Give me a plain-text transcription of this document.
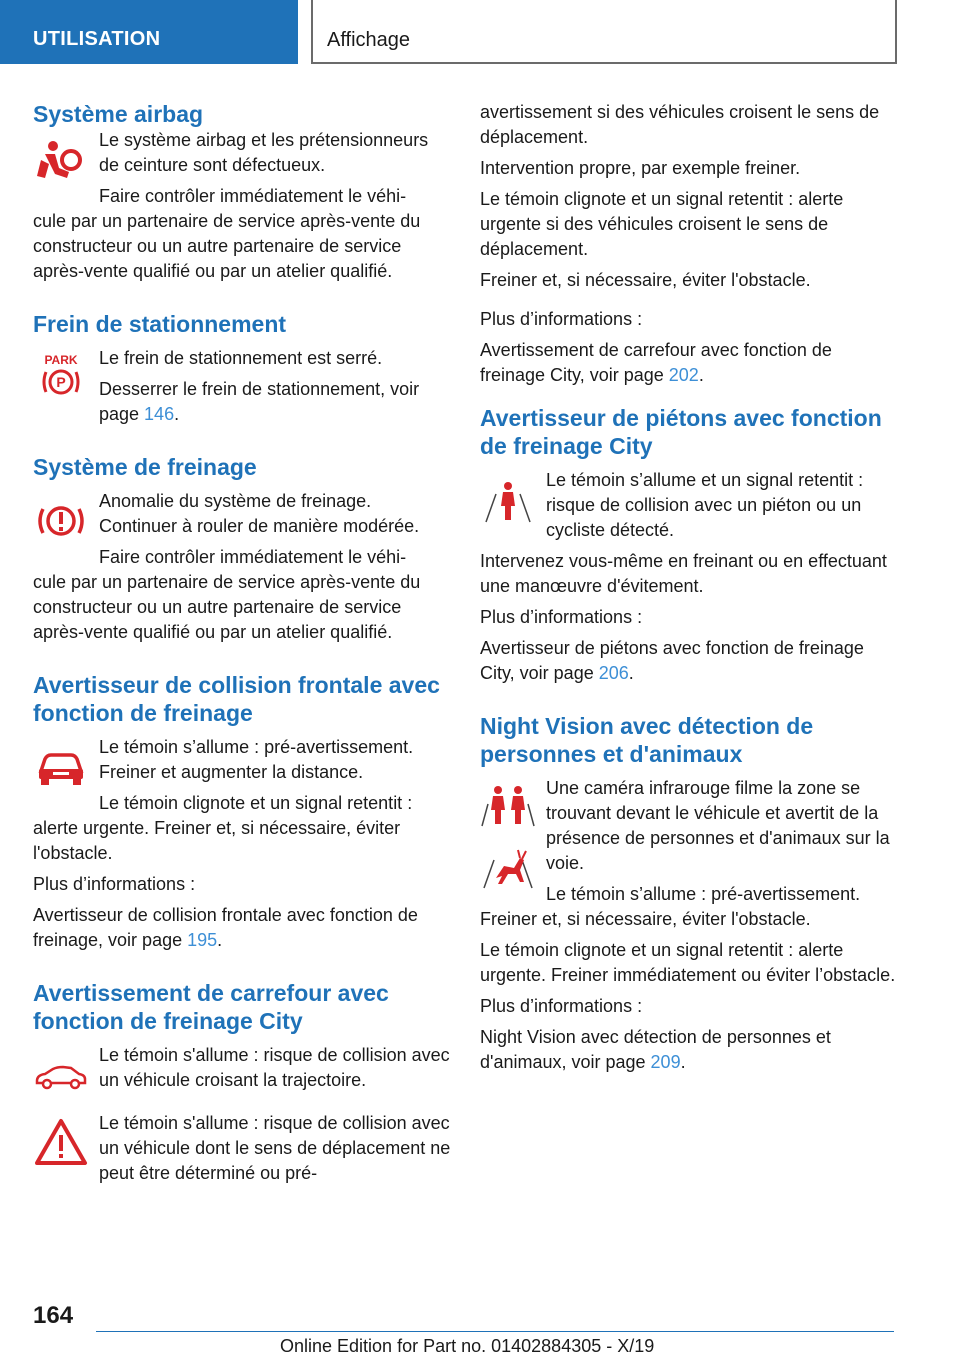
UTILISATION	Affichage
Système airbag

Le système airbag et les prétensionneurs de ceinture sont défectueux.

Faire contrôler immédiatement le véhi-

cule par un partenaire de service après-vente du constructeur ou un autre partenaire de service après-vente qualifié ou par un atelier qualifié.

Frein de stationnement
PARK
P

Le frein de stationnement est serré.

Desserrer le frein de stationnement, voir page 146.

Système de freinage

Anomalie du système de freinage. Continuer à rouler de manière modérée.

Faire contrôler immédiatement le véhi-

cule par un partenaire de service après-vente du constructeur ou un autre partenaire de service après-vente qualifié ou par un atelier qualifié.

Avertisseur de collision frontale avec fonction de freinage

Le témoin s’allume : pré-avertissement. Freiner et augmenter la distance.

Le témoin clignote et un signal retentit :

alerte urgente. Freiner et, si nécessaire, éviter l'obstacle.

Plus d’informations :

Avertisseur de collision frontale avec fonction de freinage, voir page 195.

Avertissement de carrefour avec fonction de freinage City

Le témoin s'allume : risque de collision avec un véhicule croisant la trajectoire.

Le témoin s'allume : risque de collision avec un véhicule dont le sens de déplacement ne peut être déterminé ou pré-

avertissement si des véhicules croisent le sens de déplacement.

Intervention propre, par exemple freiner.

Le témoin clignote et un signal retentit : alerte urgente si des véhicules croisent le sens de déplacement.

Freiner et, si nécessaire, éviter l'obstacle.

Plus d’informations :

Avertissement de carrefour avec fonction de freinage City, voir page 202.

Avertisseur de piétons avec fonction de freinage City

Le témoin s’allume et un signal retentit : risque de collision avec un piéton ou un cycliste détecté.

Intervenez vous-même en freinant ou en effectuant une manœuvre d'évitement.

Plus d’informations :

Avertisseur de piétons avec fonction de freinage City, voir page 206.

Night Vision avec détection de personnes et d'animaux

Une caméra infrarouge filme la zone se trouvant devant le véhicule et avertit de la présence de personnes et d'animaux sur la voie.

Le témoin s’allume : pré-avertissement.

Freiner et, si nécessaire, éviter l'obstacle.

Le témoin clignote et un signal retentit : alerte urgente. Freiner immédiatement ou éviter l’obstacle.

Plus d’informations :

Night Vision avec détection de personnes et d'animaux, voir page 209.

164
Online Edition for Part no. 01402884305 - X/19
